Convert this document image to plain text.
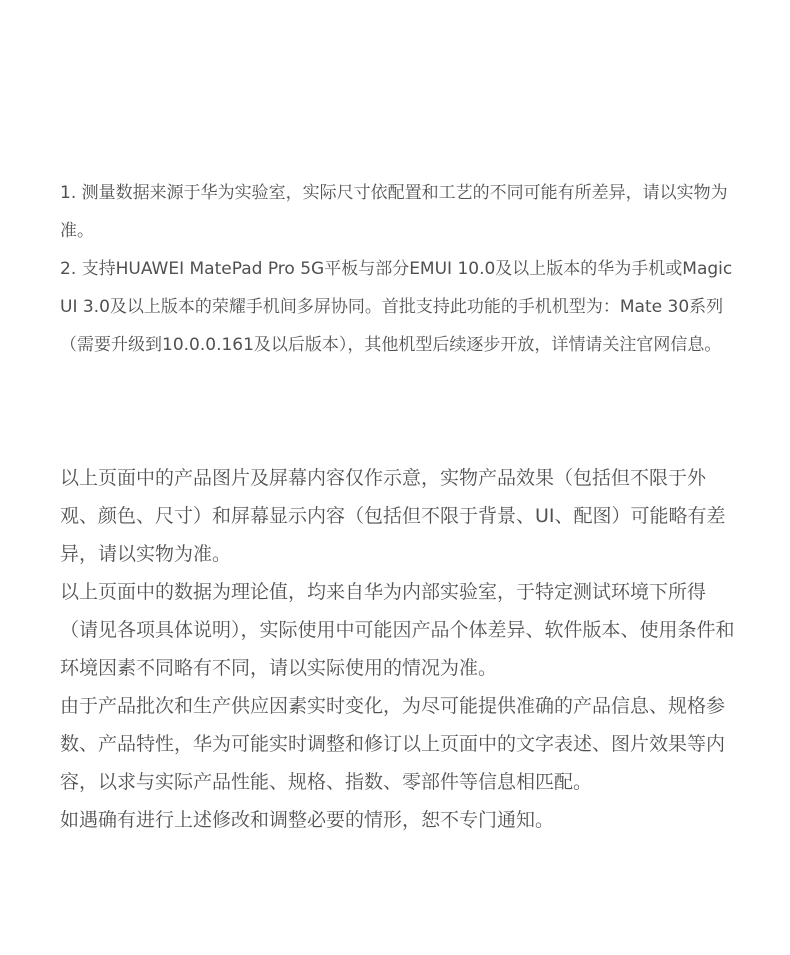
1. 测量数据来源于华为实验室，实际尺寸依配置和工艺的不同可能有所差异，请以实物为准。

2. 支持HUAWEI MatePad Pro 5G平板与部分EMUI 10.0及以上版本的华为手机或Magic UI 3.0及以上版本的荣耀手机间多屏协同。首批支持此功能的手机机型为：Mate 30系列（需要升级到10.0.0.161及以后版本），其他机型后续逐步开放，详情请关注官网信息。

以上页面中的产品图片及屏幕内容仅作示意，实物产品效果（包括但不限于外观、颜色、尺寸）和屏幕显示内容（包括但不限于背景、UI、配图）可能略有差异，请以实物为准。

以上页面中的数据为理论值，均来自华为内部实验室，于特定测试环境下所得（请见各项具体说明），实际使用中可能因产品个体差异、软件版本、使用条件和环境因素不同略有不同，请以实际使用的情况为准。

由于产品批次和生产供应因素实时变化，为尽可能提供准确的产品信息、规格参数、产品特性，华为可能实时调整和修订以上页面中的文字表述、图片效果等内容，以求与实际产品性能、规格、指数、零部件等信息相匹配。

如遇确有进行上述修改和调整必要的情形，恕不专门通知。
